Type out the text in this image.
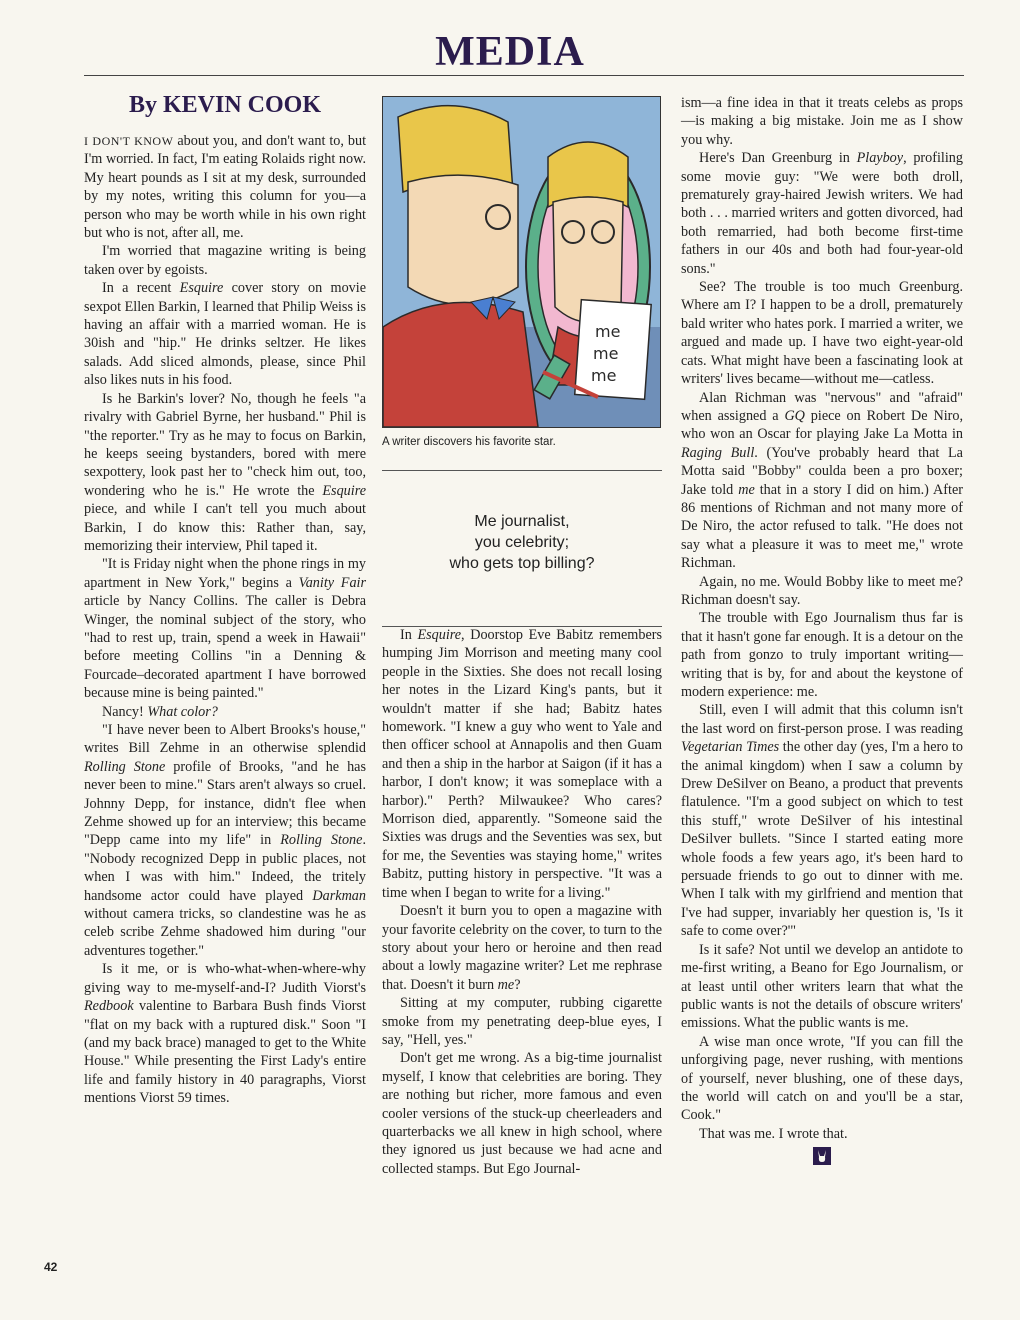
MEDIA
By KEVIN COOK

I DON'T KNOW about you, and don't want to, but I'm worried. In fact, I'm eating Rolaids right now. My heart pounds as I sit at my desk, surrounded by my notes, writing this column for you—a person who may be worth while in his own right but who is not, after all, me.

I'm worried that magazine writing is being taken over by egoists.

In a recent Esquire cover story on movie sexpot Ellen Barkin, I learned that Philip Weiss is having an affair with a married woman. He is 30ish and "hip." He drinks seltzer. He likes salads. Add sliced almonds, please, since Phil also likes nuts in his food.

Is he Barkin's lover? No, though he feels "a rivalry with Gabriel Byrne, her husband." Phil is "the reporter." Try as he may to focus on Barkin, he keeps seeing bystanders, bored with mere sexpottery, look past her to "check him out, too, wondering who he is." He wrote the Esquire piece, and while I can't tell you much about Barkin, I do know this: Rather than, say, memorizing their interview, Phil taped it.

"It is Friday night when the phone rings in my apartment in New York," begins a Vanity Fair article by Nancy Collins. The caller is Debra Winger, the nominal subject of the story, who "had to rest up, train, spend a week in Hawaii" before meeting Collins "in a Denning & Fourcade–decorated apartment I have borrowed because mine is being painted."

Nancy! What color?

"I have never been to Albert Brooks's house," writes Bill Zehme in an otherwise splendid Rolling Stone profile of Brooks, "and he has never been to mine." Stars aren't always so cruel. Johnny Depp, for instance, didn't flee when Zehme showed up for an interview; this became "Depp came into my life" in Rolling Stone. "Nobody recognized Depp in public places, not when I was with him." Indeed, the tritely handsome actor could have played Darkman without camera tricks, so clandestine was he as celeb scribe Zehme shadowed him during "our adventures together."

Is it me, or is who-what-when-where-why giving way to me-myself-and-I? Judith Viorst's Redbook valentine to Barbara Bush finds Viorst "flat on my back with a ruptured disk." Soon "I (and my back brace) managed to get to the White House." While presenting the First Lady's entire life and family history in 40 paragraphs, Viorst mentions Viorst 59 times.

me
me
me

A writer discovers his favorite star.

Me journalist,
you celebrity;
who gets top billing?

In Esquire, Doorstop Eve Babitz remembers humping Jim Morrison and meeting many cool people in the Sixties. She does not recall losing her notes in the Lizard King's pants, but it wouldn't matter if she had; Babitz hates homework. "I knew a guy who went to Yale and then officer school at Annapolis and then Guam and then a ship in the harbor at Saigon (if it has a harbor, I don't know; it was someplace with a harbor)." Perth? Milwaukee? Who cares? Morrison died, apparently. "Someone said the Sixties was drugs and the Seventies was sex, but for me, the Seventies was staying home," writes Babitz, putting history in perspective. "It was a time when I began to write for a living."

Doesn't it burn you to open a magazine with your favorite celebrity on the cover, to turn to the story about your hero or heroine and then read about a lowly magazine writer? Let me rephrase that. Doesn't it burn me?

Sitting at my computer, rubbing cigarette smoke from my penetrating deep-blue eyes, I say, "Hell, yes."

Don't get me wrong. As a big-time journalist myself, I know that celebrities are boring. They are nothing but richer, more famous and even cooler versions of the stuck-up cheerleaders and quarterbacks we all knew in high school, where they ignored us just because we had acne and collected stamps. But Ego Journal-

ism—a fine idea in that it treats celebs as props—is making a big mistake. Join me as I show you why.

Here's Dan Greenburg in Playboy, profiling some movie guy: "We were both droll, prematurely gray-haired Jewish writers. We had both . . . married writers and gotten divorced, had both remarried, had both become first-time fathers in our 40s and both had four-year-old sons."

See? The trouble is too much Greenburg. Where am I? I happen to be a droll, prematurely bald writer who hates pork. I married a writer, we argued and made up. I have two eight-year-old cats. What might have been a fascinating look at writers' lives became—without me—catless.

Alan Richman was "nervous" and "afraid" when assigned a GQ piece on Robert De Niro, who won an Oscar for playing Jake La Motta in Raging Bull. (You've probably heard that La Motta said "Bobby" coulda been a pro boxer; Jake told me that in a story I did on him.) After 86 mentions of Richman and not many more of De Niro, the actor refused to talk. "He does not say what a pleasure it was to meet me," wrote Richman.

Again, no me. Would Bobby like to meet me? Richman doesn't say.

The trouble with Ego Journalism thus far is that it hasn't gone far enough. It is a detour on the path from gonzo to truly important writing—writing that is by, for and about the keystone of modern experience: me.

Still, even I will admit that this column isn't the last word on first-person prose. I was reading Vegetarian Times the other day (yes, I'm a hero to the animal kingdom) when I saw a column by Drew DeSilver on Beano, a product that prevents flatulence. "I'm a good subject on which to test this stuff," wrote DeSilver of his intestinal DeSilver bullets. "Since I started eating more whole foods a few years ago, it's been hard to persuade friends to go out to dinner with me. When I talk with my girlfriend and mention that I've had supper, invariably her question is, 'Is it safe to come over?'"

Is it safe? Not until we develop an antidote to me-first writing, a Beano for Ego Journalism, or at least until other writers learn that what the public wants is not the details of obscure writers' emissions. What the public wants is me.

A wise man once wrote, "If you can fill the unforgiving page, never rushing, with mentions of yourself, never blushing, one of these days, the world will catch on and you'll be a star, Cook."

That was me. I wrote that.

42
